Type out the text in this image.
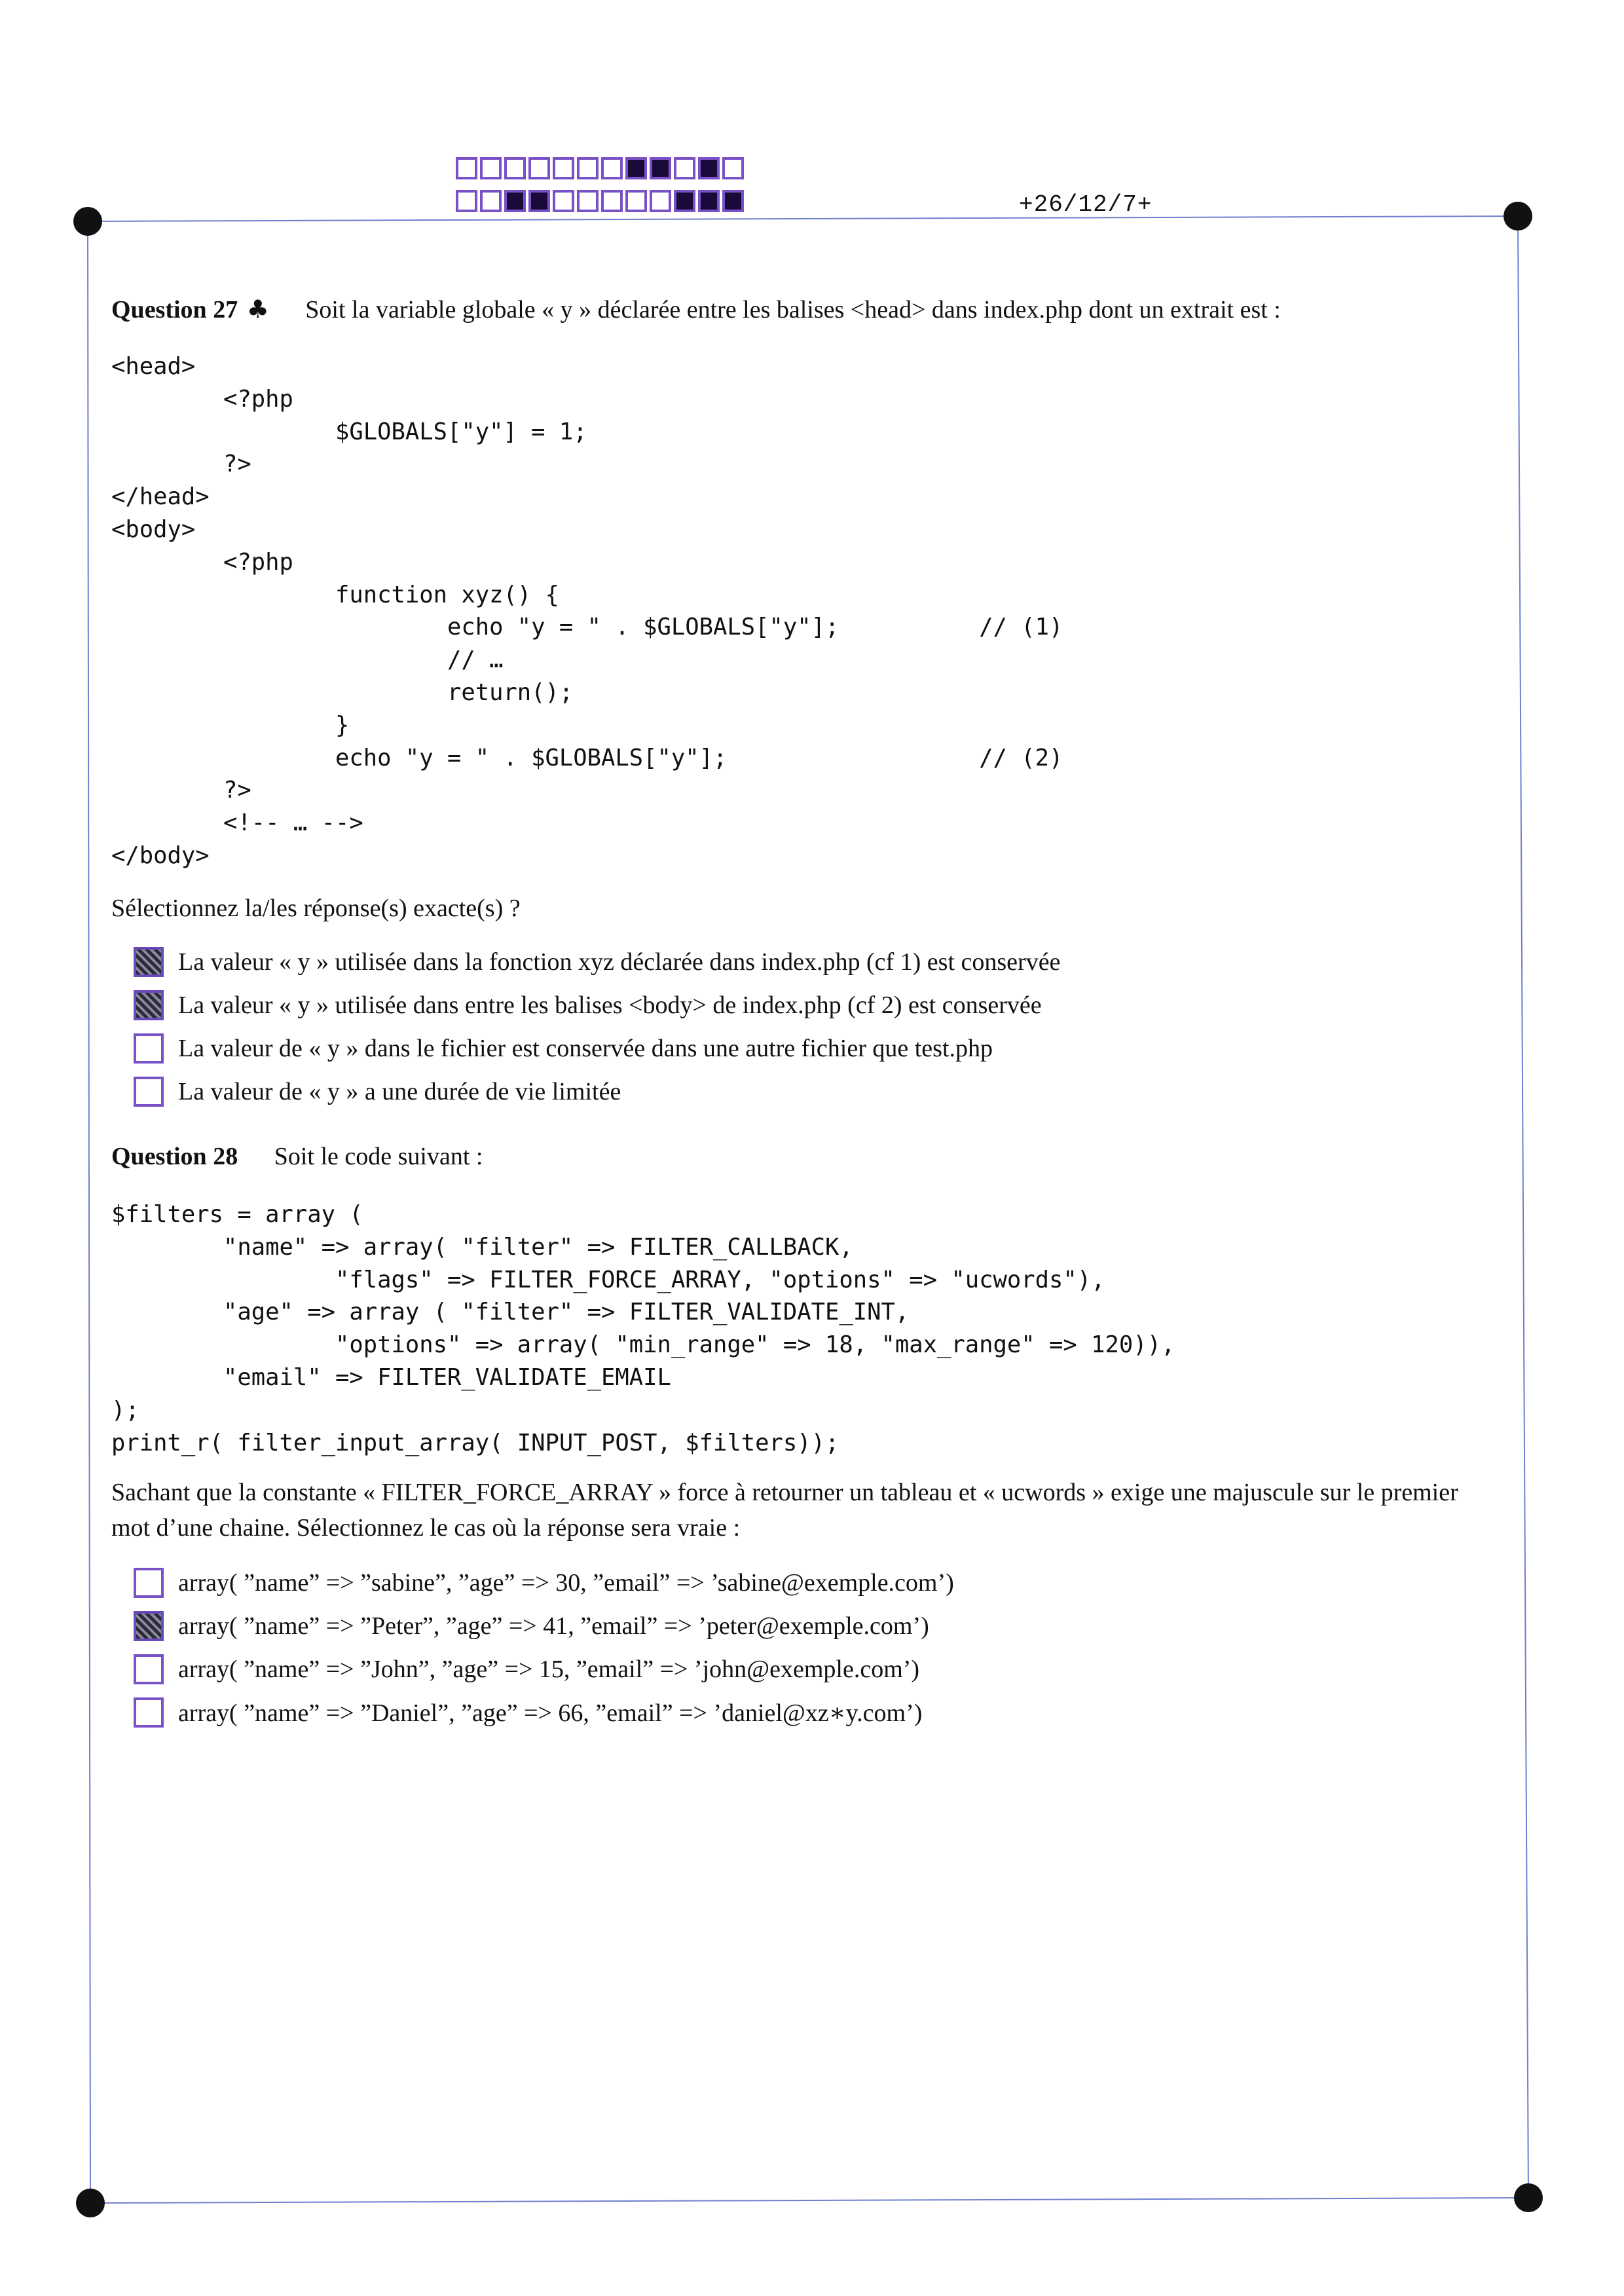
+26/12/7+
Question 27 ♣ Soit la variable globale « y » déclarée entre les balises <head> dans index.php dont un extrait est :
<head>
<?php
$GLOBALS["y"] = 1;
?>
</head>
<body>
<?php
function xyz() {
echo "y = " . $GLOBALS["y"];          // (1)
// …
return();
}
echo "y = " . $GLOBALS["y"];                  // (2)
?>
<!-- … -->
</body>
Sélectionnez la/les réponse(s) exacte(s) ?
La valeur « y » utilisée dans la fonction xyz déclarée dans index.php (cf 1) est conservée
La valeur « y » utilisée dans entre les balises <body> de index.php (cf 2) est conservée
La valeur de « y » dans le fichier est conservée dans une autre fichier que test.php
La valeur de « y » a une durée de vie limitée
Question 28 Soit le code suivant :
$filters = array (
"name" => array( "filter" => FILTER_CALLBACK,
"flags" => FILTER_FORCE_ARRAY, "options" => "ucwords"),
"age" => array ( "filter" => FILTER_VALIDATE_INT,
"options" => array( "min_range" => 18, "max_range" => 120)),
"email" => FILTER_VALIDATE_EMAIL
);
print_r( filter_input_array( INPUT_POST, $filters));
Sachant que la constante « FILTER_FORCE_ARRAY » force à retourner un tableau et « ucwords » exige une majuscule sur le premier mot d’une chaine. Sélectionnez le cas où la réponse sera vraie :
array( ”name” => ”sabine”, ”age” => 30, ”email” => ’sabine@exemple.com’)
array( ”name” => ”Peter”, ”age” => 41, ”email” => ’peter@exemple.com’)
array( ”name” => ”John”, ”age” => 15, ”email” => ’john@exemple.com’)
array( ”name” => ”Daniel”, ”age” => 66, ”email” => ’daniel@xz∗y.com’)
